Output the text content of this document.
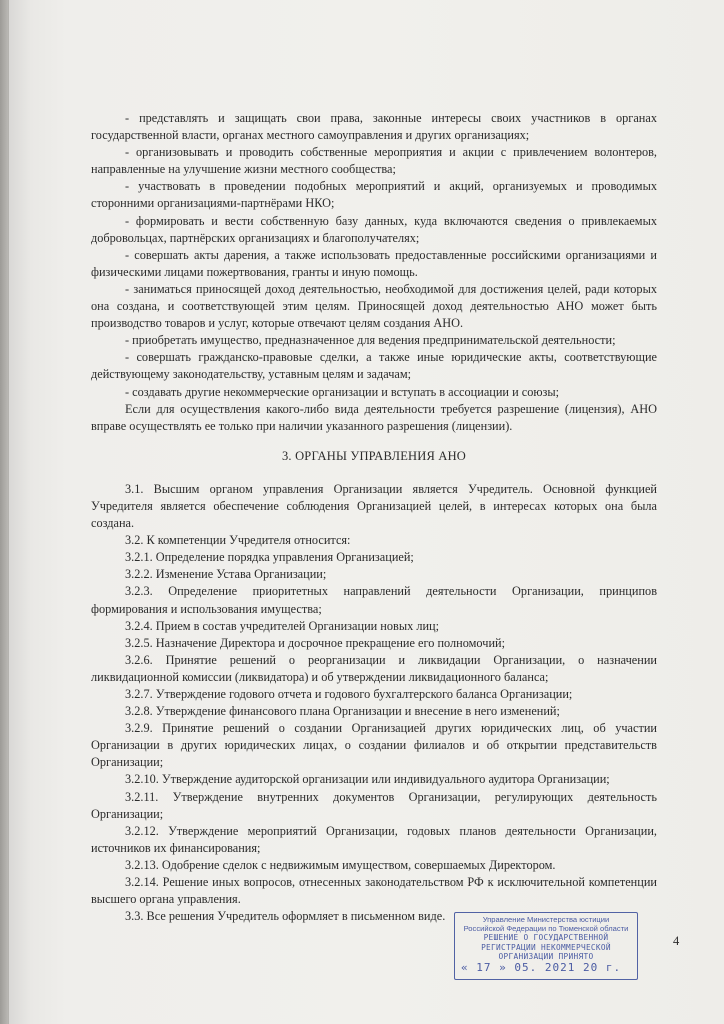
- представлять и защищать свои права, законные интересы своих участников в органах государственной власти, органах местного самоуправления и других организациях;

- организовывать и проводить собственные мероприятия и акции с привлечением волонтеров, направленные на улучшение жизни местного сообщества;

- участвовать в проведении подобных мероприятий и акций, организуемых и проводимых сторонними организациями-партнёрами НКО;

- формировать и вести собственную базу данных, куда включаются сведения о привлекаемых добровольцах, партнёрских организациях и благополучателях;

- совершать акты дарения, а также использовать предоставленные российскими организациями и физическими лицами пожертвования, гранты и иную помощь.

- заниматься приносящей доход деятельностью, необходимой для достижения целей, ради которых она создана, и соответствующей этим целям. Приносящей доход деятельностью АНО может быть производство товаров и услуг, которые отвечают целям создания АНО.

- приобретать имущество, предназначенное для ведения предпринимательской деятельности;

- совершать гражданско-правовые сделки, а также иные юридические акты, соответствующие действующему законодательству, уставным целям и задачам;

- создавать другие некоммерческие организации и вступать в ассоциации и союзы;

Если для осуществления какого-либо вида деятельности требуется разрешение (лицензия), АНО вправе осуществлять ее только при наличии указанного разрешения (лицензии).

3. ОРГАНЫ УПРАВЛЕНИЯ АНО

3.1. Высшим органом управления Организации является Учредитель. Основной функцией Учредителя является обеспечение соблюдения Организацией целей, в интересах которых она была создана.

3.2. К компетенции Учредителя относится:

3.2.1. Определение порядка управления Организацией;

3.2.2. Изменение Устава Организации;

3.2.3. Определение приоритетных направлений деятельности Организации, принципов формирования и использования имущества;

3.2.4. Прием в состав учредителей Организации новых лиц;

3.2.5. Назначение Директора и досрочное прекращение его полномочий;

3.2.6. Принятие решений о реорганизации и ликвидации Организации, о назначении ликвидационной комиссии (ликвидатора) и об утверждении ликвидационного баланса;

3.2.7. Утверждение годового отчета и годового бухгалтерского баланса Организации;

3.2.8. Утверждение финансового плана Организации и внесение в него изменений;

3.2.9. Принятие решений о создании Организацией других юридических лиц, об участии Организации в других юридических лицах, о создании филиалов и об открытии представительств Организации;

3.2.10. Утверждение аудиторской организации или индивидуального аудитора Организации;

3.2.11. Утверждение внутренних документов Организации, регулирующих деятельность Организации;

3.2.12. Утверждение мероприятий Организации, годовых планов деятельности Организации, источников их финансирования;

3.2.13. Одобрение сделок с недвижимым имуществом, совершаемых Директором.

3.2.14. Решение иных вопросов, отнесенных законодательством РФ к исключительной компетенции высшего органа управления.

3.3. Все решения Учредитель оформляет в письменном виде.	Управление Министерства юстиции
Российской Федерации по Тюменской области
РЕШЕНИЕ О ГОСУДАРСТВЕННОЙ
РЕГИСТРАЦИИ НЕКОММЕРЧЕСКОЙ
ОРГАНИЗАЦИИ ПРИНЯТО
« 17 » 05. 2021 20 г.
4
